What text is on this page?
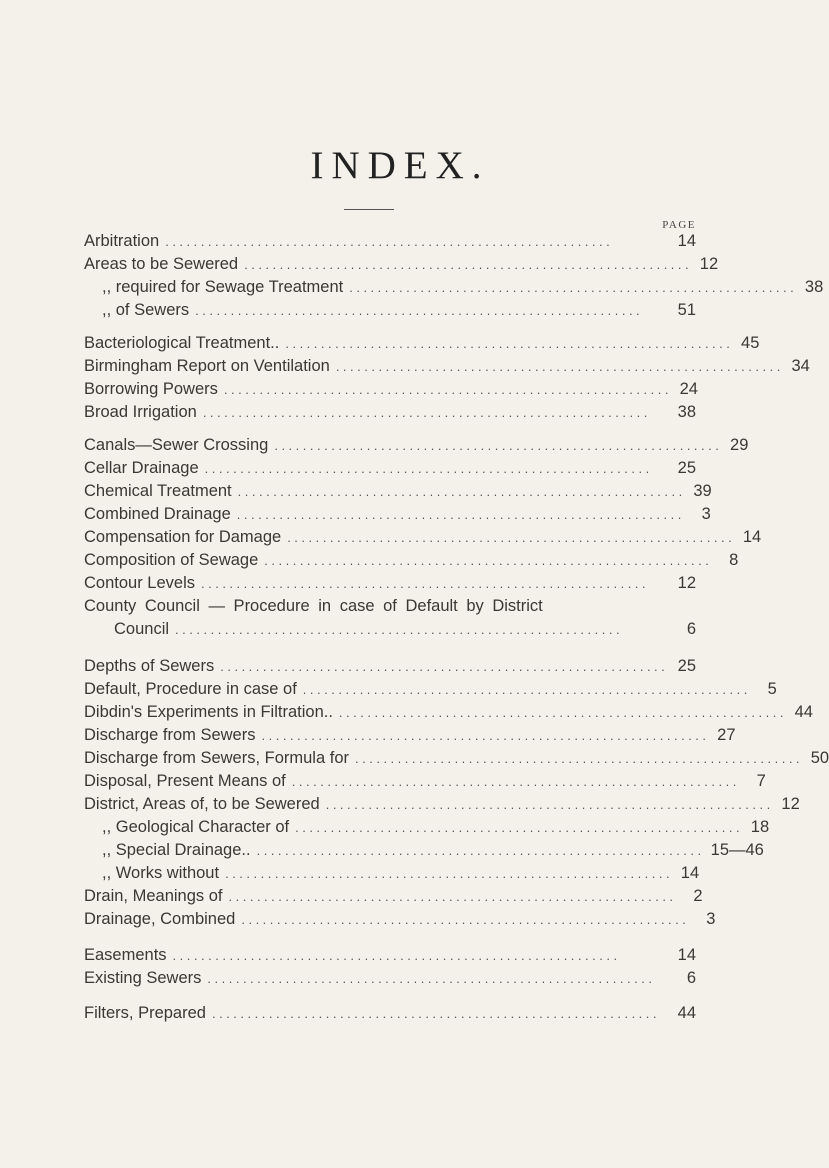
INDEX.
PAGE
Arbitration ...............................................................	14
Areas to be Sewered ............................................................... 12
,, required for Sewage Treatment ............................................................... 38
,, of Sewers ...............................................................	51
Bacteriological Treatment.. ............................................................... 45
Birmingham Report on Ventilation ............................................................... 34
Borrowing Powers ............................................................... 24
Broad Irrigation ...............................................................	38
Canals—Sewer Crossing ............................................................... 29
Cellar Drainage ...............................................................	25
Chemical Treatment ............................................................... 39
Combined Drainage ...............................................................	3
Compensation for Damage ............................................................... 14
Composition of Sewage ...............................................................	8
Contour Levels ...............................................................	12
County Council — Procedure in case of Default by District
Council ...............................................................	6
Depths of Sewers ............................................................... 25
Default, Procedure in case of ...............................................................	5
Dibdin's Experiments in Filtration.. ............................................................... 44
Discharge from Sewers ............................................................... 27
Discharge from Sewers, Formula for ............................................................... 50
Disposal, Present Means of ...............................................................	7
District, Areas of, to be Sewered ............................................................... 12
,, Geological Character of ............................................................... 18
,, Special Drainage.. ............................................................... 15—46
,, Works without ............................................................... 14
Drain, Meanings of ...............................................................	2
Drainage, Combined ...............................................................	3
Easements ...............................................................	14
Existing Sewers ...............................................................	6
Filters, Prepared ...............................................................	44
